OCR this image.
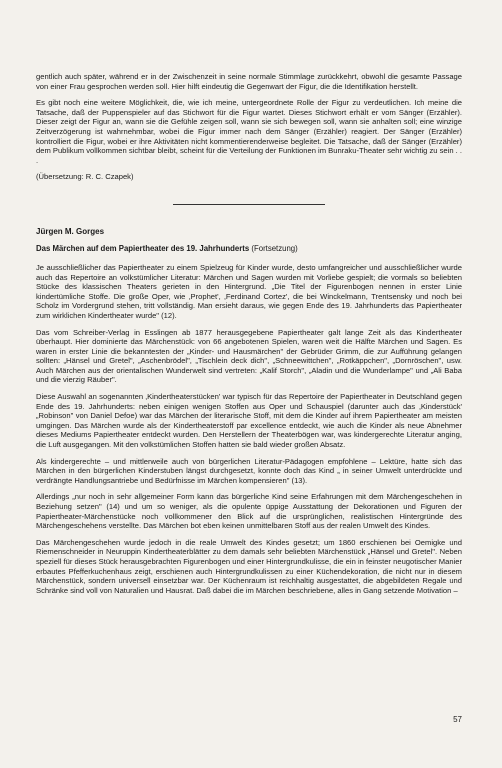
gentlich auch später, während er in der Zwischenzeit in seine normale Stimmlage zurückkehrt, obwohl die gesamte Passage von einer Frau gesprochen werden soll. Hier hilft eindeutig die Gegenwart der Figur, die die Identifikation herstellt.

Es gibt noch eine weitere Möglichkeit, die, wie ich meine, untergeordnete Rolle der Figur zu verdeutlichen. Ich meine die Tatsache, daß der Puppenspieler auf das Stichwort für die Figur wartet. Dieses Stichwort erhält er vom Sänger (Erzähler). Dieser zeigt der Figur an, wann sie die Gefühle zeigen soll, wann sie sich bewegen soll, wann sie anhalten soll; eine winzige Zeitverzögerung ist wahrnehmbar, wobei die Figur immer nach dem Sänger (Erzähler) reagiert. Der Sänger (Erzähler) kontrolliert die Figur, wobei er ihre Aktivitäten nicht kommentierenderweise begleitet. Die Tatsache, daß der Sänger (Erzähler) dem Publikum vollkommen sichtbar bleibt, scheint für die Verteilung der Funktionen im Bunraku-Theater sehr wichtig zu sein . . .

(Übersetzung: R. C. Czapek)

Jürgen M. Gorges
Das Märchen auf dem Papiertheater des 19. Jahrhunderts (Fortsetzung)

Je ausschließlicher das Papiertheater zu einem Spielzeug für Kinder wurde, desto umfangreicher und ausschließlicher wurde auch das Repertoire an volkstümlicher Literatur: Märchen und Sagen wurden mit Vorliebe gespielt; die vormals so beliebten Stücke des klassischen Theaters gerieten in den Hintergrund. „Die Titel der Figurenbogen nennen in erster Linie kindertümliche Stoffe. Die große Oper, wie ‚Prophet', ‚Ferdinand Cortez', die bei Winckelmann, Trentsensky und noch bei Scholz im Vordergrund stehen, tritt vollständig. Man ersieht daraus, wie gegen Ende des 19. Jahrhunderts das Papiertheater zum wirklichen Kindertheater wurde" (12).

Das vom Schreiber-Verlag in Esslingen ab 1877 herausgegebene Papiertheater galt lange Zeit als das Kindertheater überhaupt. Hier dominierte das Märchenstück: von 66 angebotenen Spielen, waren weit die Hälfte Märchen und Sagen. Es waren in erster Linie die bekanntesten der „Kinder- und Hausmärchen" der Gebrüder Grimm, die zur Aufführung gelangen sollten: „Hänsel und Gretel", „Aschenbrödel", „Tischlein deck dich", „Schneewittchen", „Rotkäppchen", „Dornröschen", usw. Auch Märchen aus der orientalischen Wunderwelt sind vertreten: „Kalif Storch", „Aladin und die Wunderlampe" und „Ali Baba und die vierzig Räuber".

Diese Auswahl an sogenannten ‚Kindertheaterstücken' war typisch für das Repertoire der Papiertheater in Deutschland gegen Ende des 19. Jahrhunderts: neben einigen wenigen Stoffen aus Oper und Schauspiel (darunter auch das ‚Kinderstück' „Robinson" von Daniel Defoe) war das Märchen der literarische Stoff, mit dem die Kinder auf ihrem Papiertheater am meisten umgingen. Das Märchen wurde als der Kindertheaterstoff par excellence entdeckt, wie auch die Kinder als neue Abnehmer dieses Mediums Papiertheater entdeckt wurden. Den Herstellern der Theaterbögen war, was kindergerechte Literatur anging, die Luft ausgegangen. Mit den volkstümlichen Stoffen hatten sie bald wieder großen Absatz.

Als kindergerechte – und mittlerweile auch von bürgerlichen Literatur-Pädagogen empfohlene – Lektüre, hatte sich das Märchen in den bürgerlichen Kinderstuben längst durchgesetzt, konnte doch das Kind „ in seiner Umwelt unterdrückte und verdrängte Handlungsantriebe und Bedürfnisse im Märchen kompensieren" (13).

Allerdings „nur noch in sehr allgemeiner Form kann das bürgerliche Kind seine Erfahrungen mit dem Märchengeschehen in Beziehung setzen" (14) und um so weniger, als die opulente üppige Ausstattung der Dekorationen und Figuren der Papiertheater-Märchenstücke noch vollkommener den Blick auf die ursprünglichen, realistischen Hintergründe des Märchengeschehens verstellte. Das Märchen bot eben keinen unmittelbaren Stoff aus der realen Umwelt des Kindes.

Das Märchengeschehen wurde jedoch in die reale Umwelt des Kindes gesetzt; um 1860 erschienen bei Oemigke und Riemenschneider in Neuruppin Kindertheaterblätter zu dem damals sehr beliebten Märchenstück „Hänsel und Gretel". Neben speziell für dieses Stück herausgebrachten Figurenbogen und einer Hintergrundkulisse, die ein in feinster neugotischer Manier erbautes Pfefferkuchenhaus zeigt, erschienen auch Hintergrundkulissen zu einer Küchendekoration, die nicht nur in diesem Märchenstück, sondern universell einsetzbar war. Der Küchenraum ist reichhaltig ausgestattet, die abgebildeten Regale und Schränke sind voll von Naturalien und Hausrat. Daß dabei die im Märchen beschriebene, alles in Gang setzende Motivation –

57
